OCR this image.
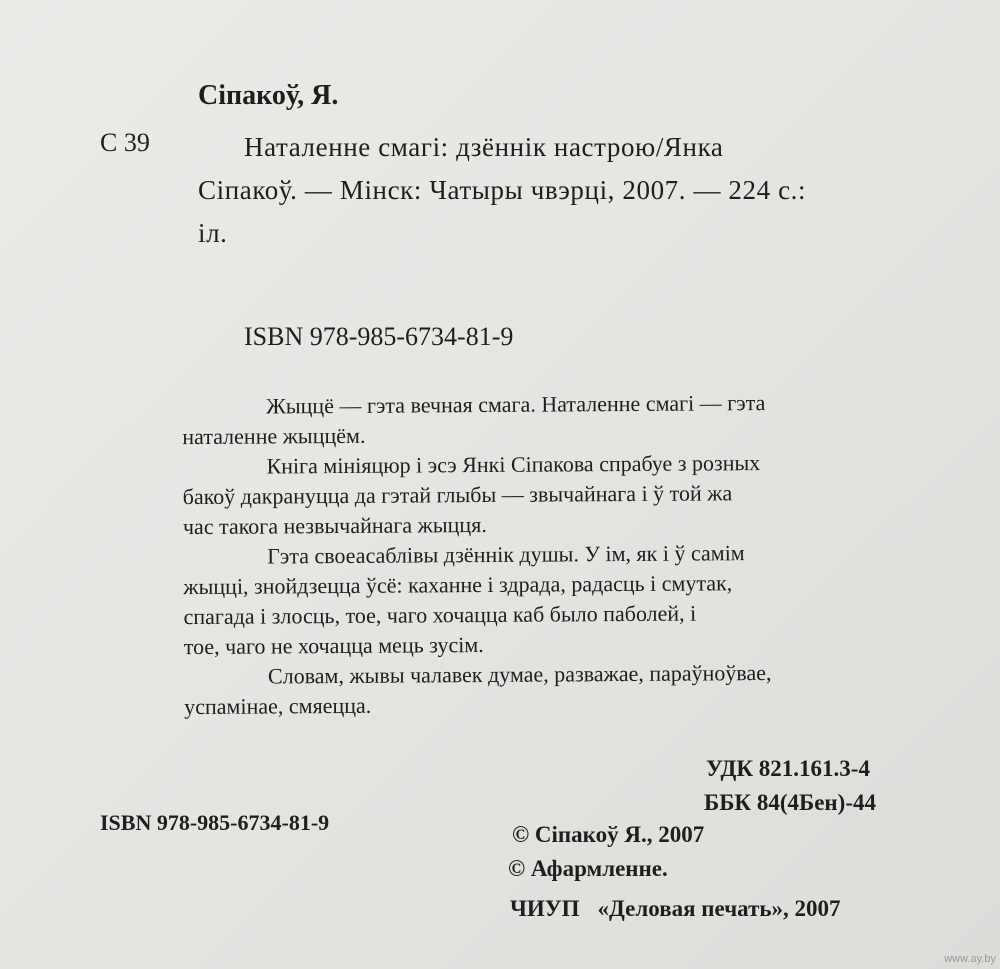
Сіпакоў, Я.
С 39	Наталенне смагі: дзённік настрою/Янка
Сіпакоў. — Мінск: Чатыры чвэрці, 2007. — 224 с.:
іл.
ISBN 978-985-6734-81-9
Жыццё — гэта вечная смага. Наталенне смагі — гэта
наталенне жыццём.
Кніга мініяцюр і эсэ Янкі Сіпакова спрабуе з розных
бакоў дакрануцца да гэтай глыбы — звычайнага і ў той жа
час такога незвычайнага жыцця.
Гэта своеасаблівы дзённік душы. У ім, як і ў самім
жыцці, знойдзецца ўсё: каханне і здрада, радасць і смутак,
спагада і злосць, тое, чаго хочацца каб было паболей, і
тое, чаго не хочацца мець зусім.
Словам, жывы чалавек думае, разважае, параўноўвае,
успамінае, смяецца.
УДК 821.161.3-4
ББК 84(4Бен)-44
ISBN 978-985-6734-81-9	© Сіпакоў Я., 2007
© Афармленне.
ЧИУП «Деловая печать», 2007
www.ay.by
